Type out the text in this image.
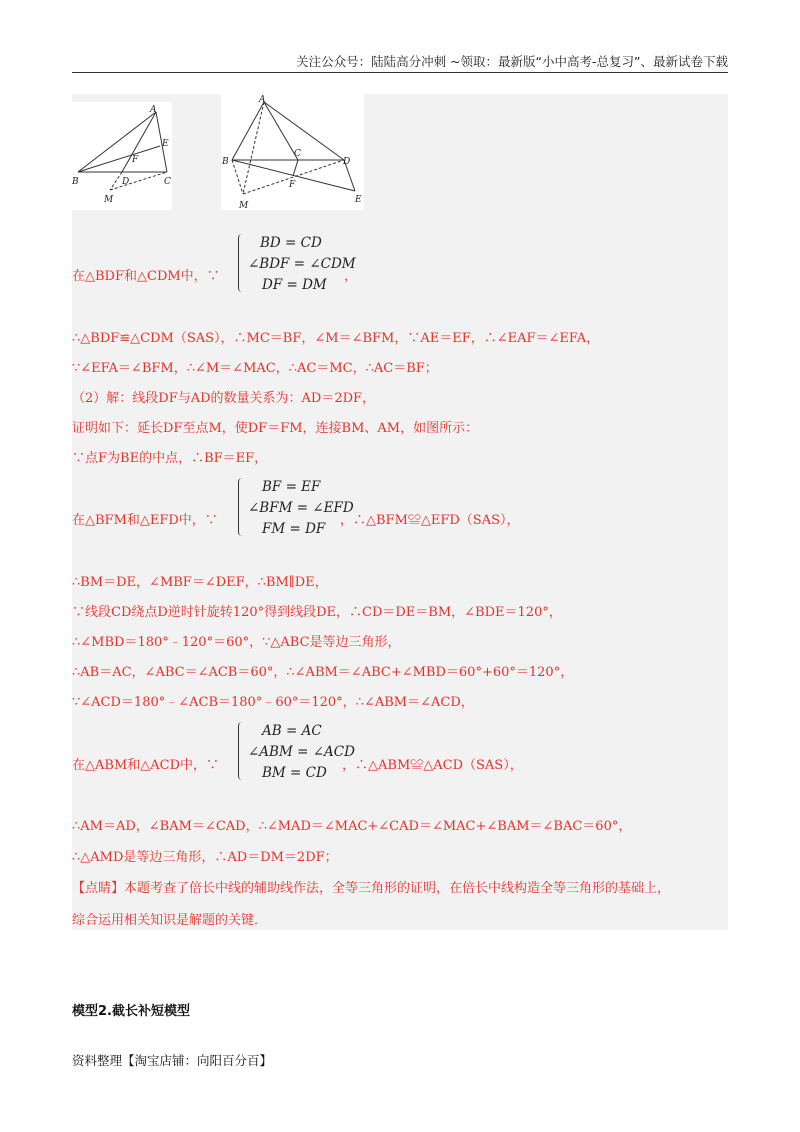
关注公众号：陆陆高分冲刺 ~领取：最新版“小中高考-总复习”、最新试卷下载
A
E
F
B	D	C
M
A
B
C
D
F
E
M
在△BDF和△CDM中，∵
BD = CD
∠BDF = ∠CDM
DF = DM
，
∴△BDF≌△CDM（SAS），∴MC＝BF，∠M＝∠BFM，∵AE＝EF，∴∠EAF＝∠EFA，
∵∠EFA＝∠BFM，∴∠M＝∠MAC，∴AC＝MC，∴AC＝BF；
（2）解：线段DF与AD的数量关系为：AD＝2DF，
证明如下：延长DF至点M，使DF＝FM，连接BM、AM，如图所示：
∵点F为BE的中点，∴BF＝EF，
在△BFM和△EFD中，∵
BF = EF
∠BFM = ∠EFD
FM = DF
，∴△BFM≌△EFD（SAS），
∴BM＝DE，∠MBF＝∠DEF，∴BM∥DE，
∵线段CD绕点D逆时针旋转120°得到线段DE，∴CD＝DE＝BM，∠BDE＝120°，
∴∠MBD＝180°﹣120°＝60°，∵△ABC是等边三角形，
∴AB＝AC，∠ABC＝∠ACB＝60°，∴∠ABM＝∠ABC+∠MBD＝60°+60°＝120°，
∵∠ACD＝180°﹣∠ACB＝180°﹣60°＝120°，∴∠ABM＝∠ACD，
在△ABM和△ACD中，∵
AB = AC
∠ABM = ∠ACD
BM = CD ，∴△ABM≌△ACD（SAS），
∴AM＝AD，∠BAM＝∠CAD，∴∠MAD＝∠MAC+∠CAD＝∠MAC+∠BAM＝∠BAC＝60°，
∴△AMD是等边三角形，∴AD＝DM＝2DF；
【点睛】本题考查了倍长中线的辅助线作法，全等三角形的证明，在倍长中线构造全等三角形的基础上，
综合运用相关知识是解题的关键．
模型2.截长补短模型
资料整理【淘宝店铺：向阳百分百】
